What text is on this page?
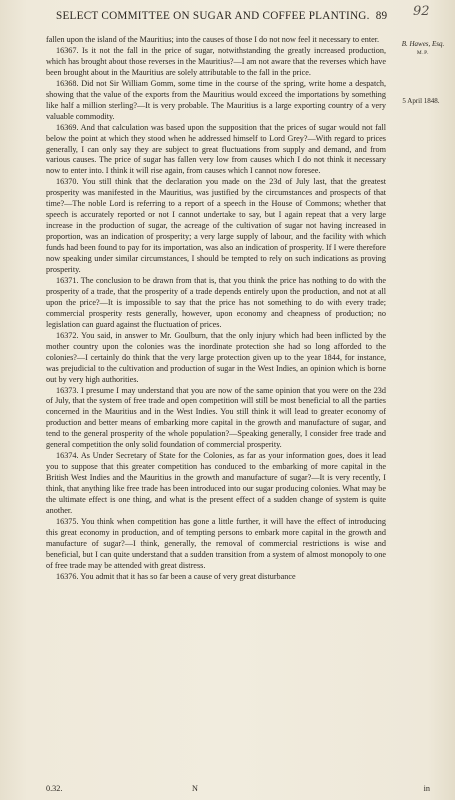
SELECT COMMITTEE ON SUGAR AND COFFEE PLANTING. 89	92
B. Hawes, Esq.
M.P.
5 April 1848.

fallen upon the island of the Mauritius; into the causes of those I do not now feel it necessary to enter.

16367. Is it not the fall in the price of sugar, notwithstanding the greatly increased production, which has brought about those reverses in the Mauritius?—I am not aware that the reverses which have been brought about in the Mauritius are solely attributable to the fall in the price.

16368. Did not Sir William Gomm, some time in the course of the spring, write home a despatch, showing that the value of the exports from the Mauritius would exceed the importations by something like half a million sterling?—It is very probable. The Mauritius is a large exporting country of a very valuable commodity.

16369. And that calculation was based upon the supposition that the prices of sugar would not fall below the point at which they stood when he addressed himself to Lord Grey?—With regard to prices generally, I can only say they are subject to great fluctuations from supply and demand, and from various causes. The price of sugar has fallen very low from causes which I do not think it necessary now to enter into. I think it will rise again, from causes which I cannot now foresee.

16370. You still think that the declaration you made on the 23d of July last, that the greatest prosperity was manifested in the Mauritius, was justified by the circumstances and prospects of that time?—The noble Lord is referring to a report of a speech in the House of Commons; whether that speech is accurately reported or not I cannot undertake to say, but I again repeat that a very large increase in the production of sugar, the acreage of the cultivation of sugar not having increased in proportion, was an indication of prosperity; a very large supply of labour, and the facility with which funds had been found to pay for its importation, was also an indication of prosperity. If I were therefore now speaking under similar circumstances, I should be tempted to rely on such indications as proving prosperity.

16371. The conclusion to be drawn from that is, that you think the price has nothing to do with the prosperity of a trade, that the prosperity of a trade depends entirely upon the production, and not at all upon the price?—It is impossible to say that the price has not something to do with every trade; commercial prosperity rests generally, however, upon economy and cheapness of production; no legislation can guard against the fluctuation of prices.

16372. You said, in answer to Mr. Goulburn, that the only injury which had been inflicted by the mother country upon the colonies was the inordinate protection she had so long afforded to the colonies?—I certainly do think that the very large protection given up to the year 1844, for instance, was prejudicial to the cultivation and production of sugar in the West Indies, an opinion which is borne out by very high authorities.

16373. I presume I may understand that you are now of the same opinion that you were on the 23d of July, that the system of free trade and open competition will still be most beneficial to all the parties concerned in the Mauritius and in the West Indies. You still think it will lead to greater economy of production and better means of embarking more capital in the growth and manufacture of sugar, and tend to the general prosperity of the whole population?—Speaking generally, I consider free trade and general competition the only solid foundation of commercial prosperity.

16374. As Under Secretary of State for the Colonies, as far as your information goes, does it lead you to suppose that this greater competition has conduced to the embarking of more capital in the British West Indies and the Mauritius in the growth and manufacture of sugar?—It is very recently, I think, that anything like free trade has been introduced into our sugar producing colonies. What may be the ultimate effect is one thing, and what is the present effect of a sudden change of system is quite another.

16375. You think when competition has gone a little further, it will have the effect of introducing this great economy in production, and of tempting persons to embark more capital in the growth and manufacture of sugar?—I think, generally, the removal of commercial restrictions is wise and beneficial, but I can quite understand that a sudden transition from a system of almost monopoly to one of free trade may be attended with great distress.

16376. You admit that it has so far been a cause of very great disturbance

0.32.	N	in
